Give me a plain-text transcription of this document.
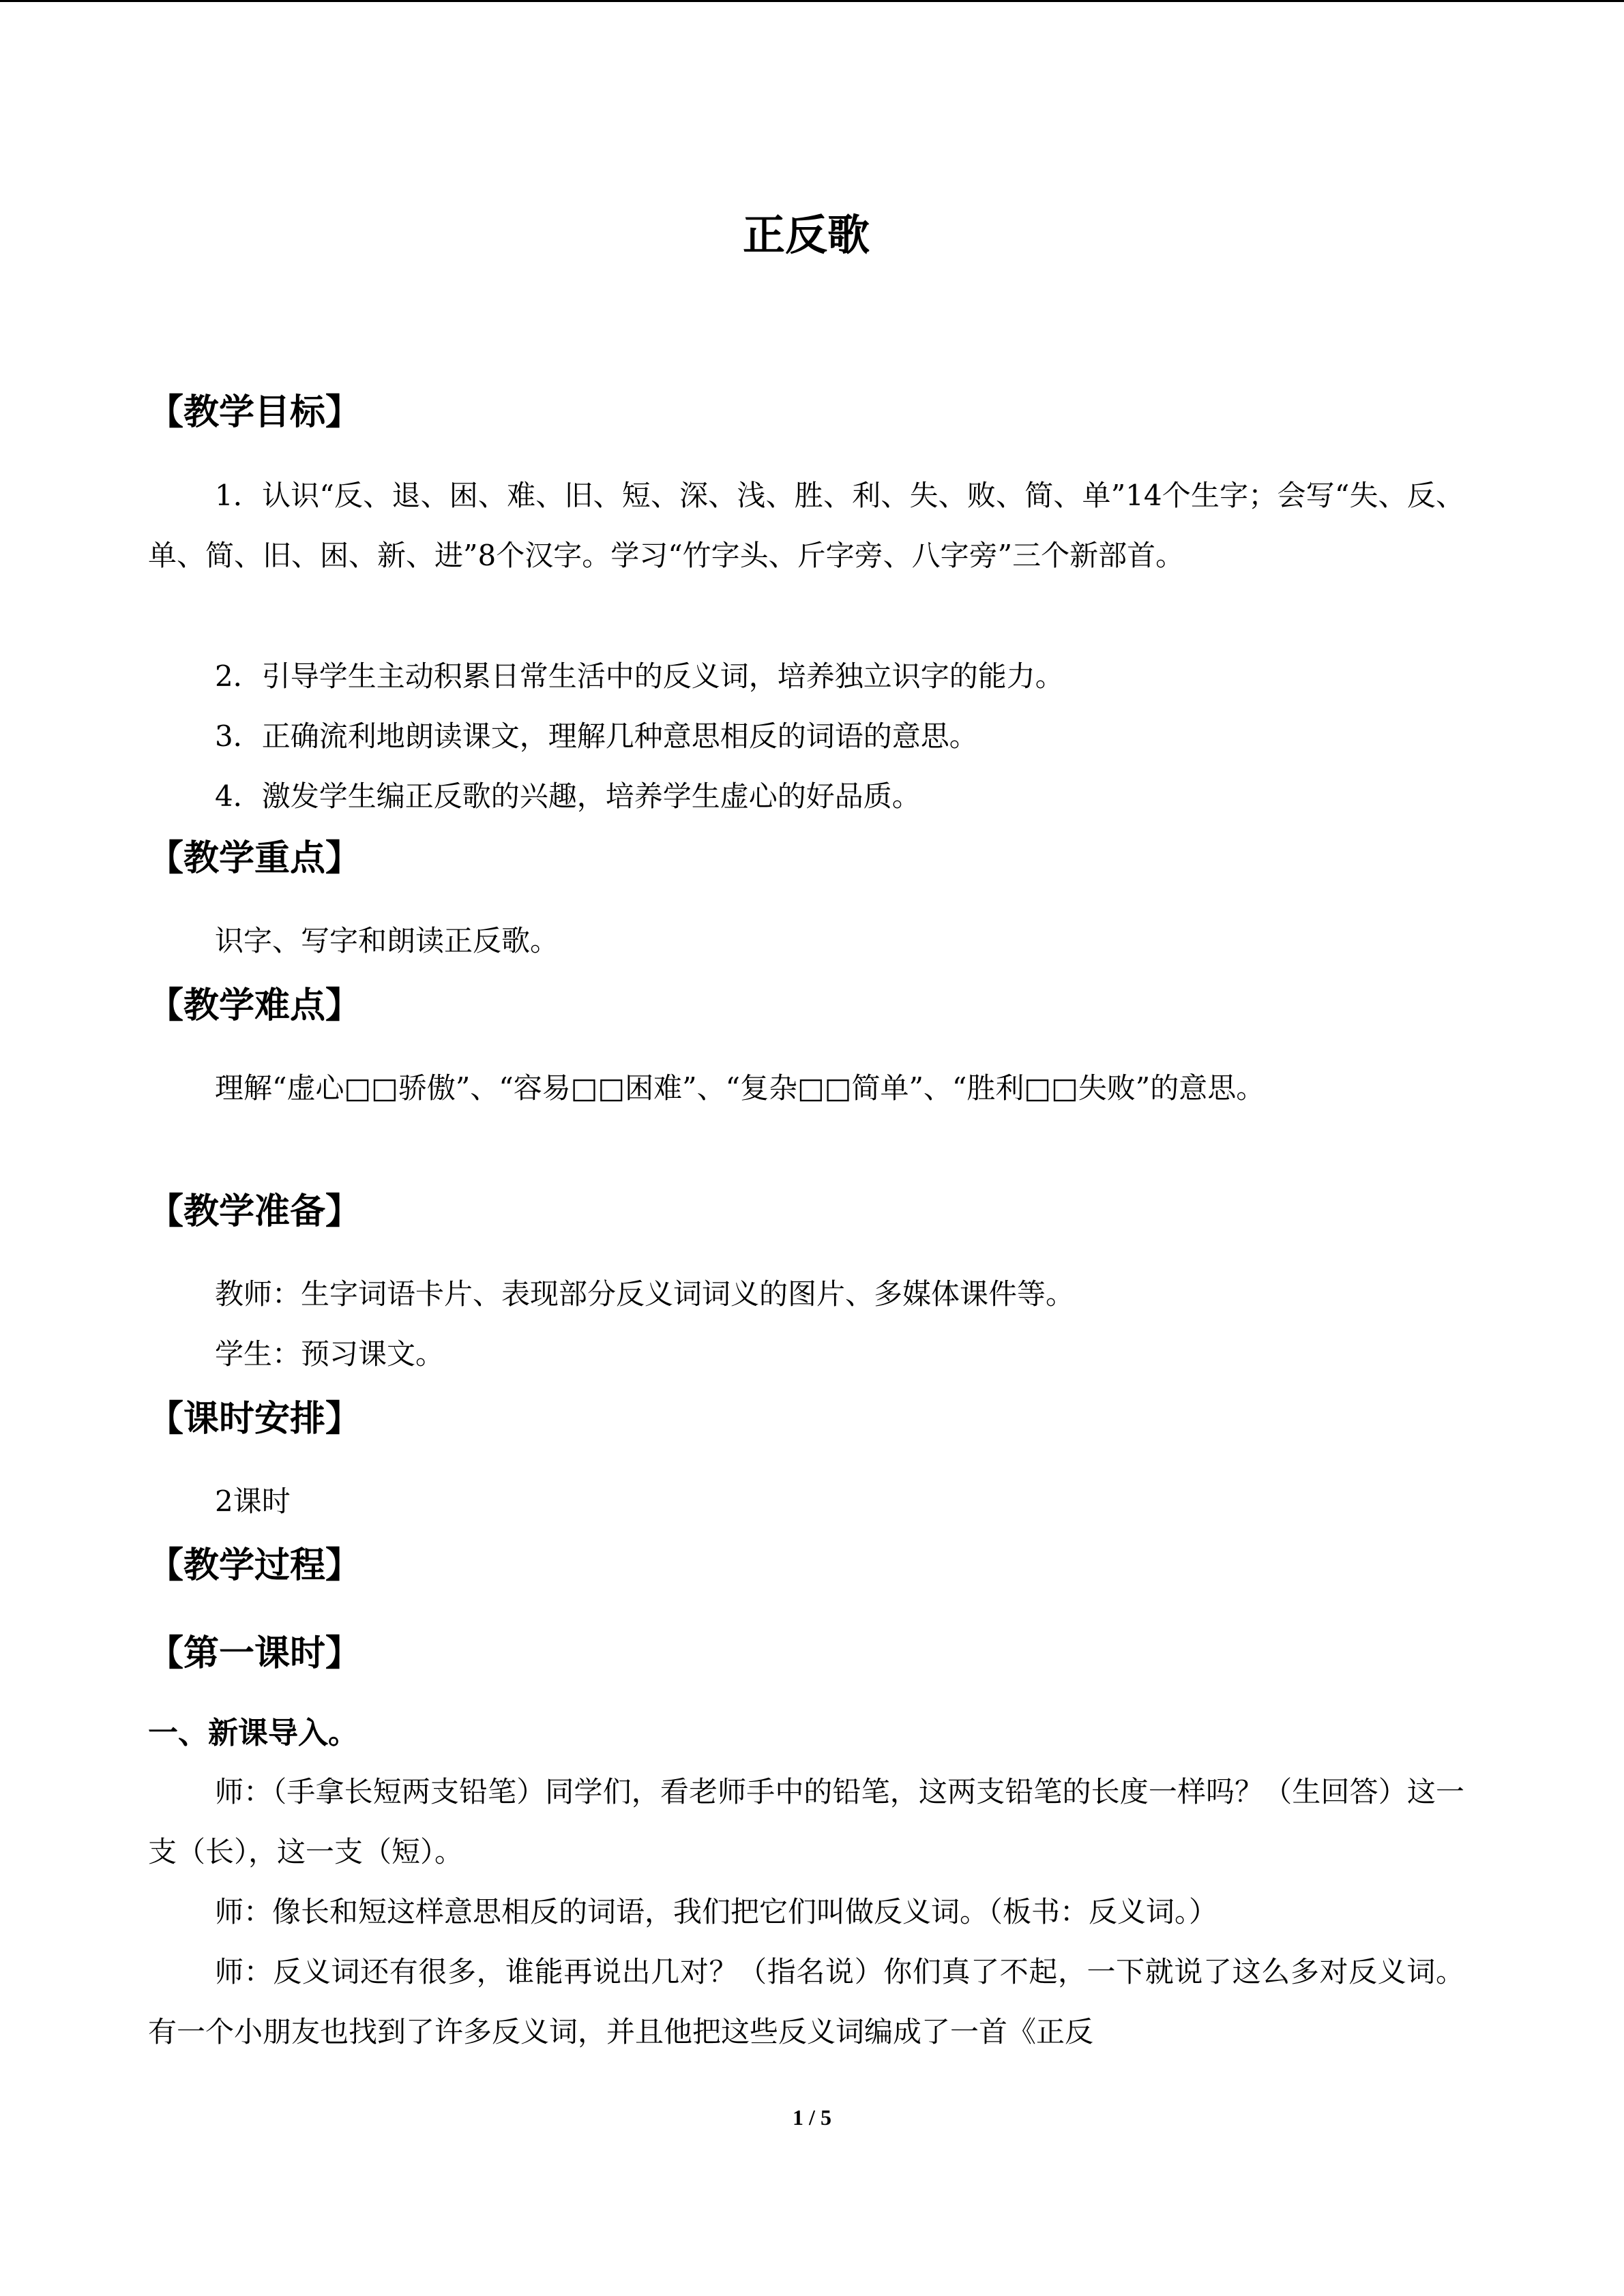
正反歌
【教学目标】
1．认识“反、退、困、难、旧、短、深、浅、胜、利、失、败、简、单”14个生字；会写“失、反、单、简、旧、困、新、进”8个汉字。学习“竹字头、斤字旁、八字旁”三个新部首。
2．引导学生主动积累日常生活中的反义词，培养独立识字的能力。
3．正确流利地朗读课文，理解几种意思相反的词语的意思。
4．激发学生编正反歌的兴趣，培养学生虚心的好品质。
【教学重点】
识字、写字和朗读正反歌。
【教学难点】
理解“虚心□□骄傲”、“容易□□困难”、“复杂□□简单”、“胜利□□失败”的意思。
【教学准备】
教师：生字词语卡片、表现部分反义词词义的图片、多媒体课件等。
学生：预习课文。
【课时安排】
2课时
【教学过程】
【第一课时】
一、新课导入。
师：（手拿长短两支铅笔）同学们，看老师手中的铅笔，这两支铅笔的长度一样吗？（生回答）这一支（长），这一支（短）。
师：像长和短这样意思相反的词语，我们把它们叫做反义词。（板书：反义词。）
师：反义词还有很多，谁能再说出几对？（指名说）你们真了不起，一下就说了这么多对反义词。有一个小朋友也找到了许多反义词，并且他把这些反义词编成了一首《正反
1 / 5
